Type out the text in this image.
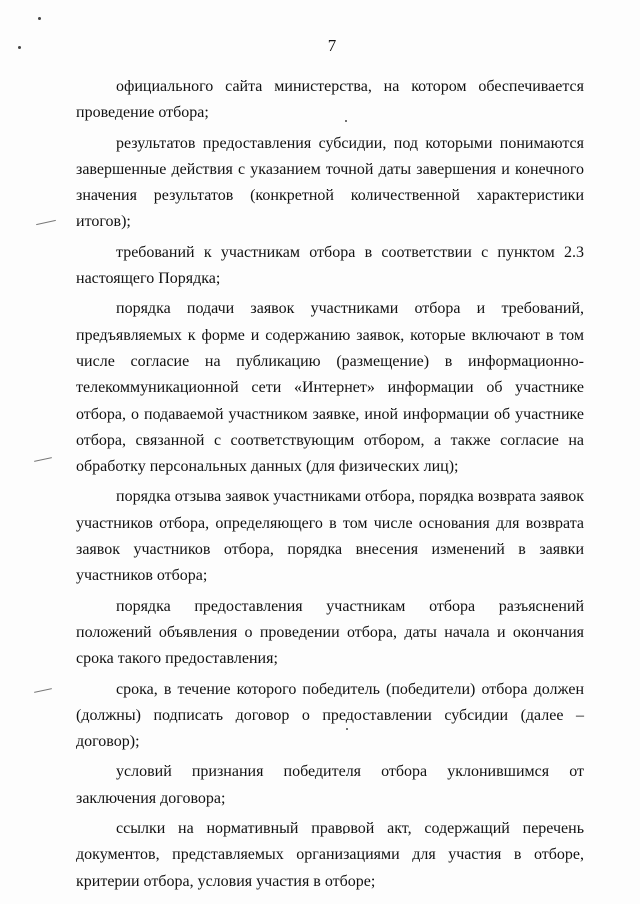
7

официального сайта министерства, на котором обеспечивается проведение отбора;

результатов предоставления субсидии, под которыми понимаются завершенные действия с указанием точной даты завершения и конечного значения результатов (конкретной количественной характеристики итогов);

требований к участникам отбора в соответствии с пунктом 2.3 настоящего Порядка;

порядка подачи заявок участниками отбора и требований, предъявляемых к форме и содержанию заявок, которые включают в том числе согласие на публикацию (размещение) в информационно-телекоммуникационной сети «Интернет» информации об участнике отбора, о подаваемой участником заявке, иной информации об участнике отбора, связанной с соответствующим отбором, а также согласие на обработку персональных данных (для физических лиц);

порядка отзыва заявок участниками отбора, порядка возврата заявок участников отбора, определяющего в том числе основания для возврата заявок участников отбора, порядка внесения изменений в заявки участников отбора;

порядка предоставления участникам отбора разъяснений положений объявления о проведении отбора, даты начала и окончания срока такого предоставления;

срока, в течение которого победитель (победители) отбора должен (должны) подписать договор о предоставлении субсидии (далее – договор);

условий признания победителя отбора уклонившимся от заключения договора;

ссылки на нормативный правовой акт, содержащий перечень документов, представляемых организациями для участия в отборе, критерии отбора, условия участия в отборе;
